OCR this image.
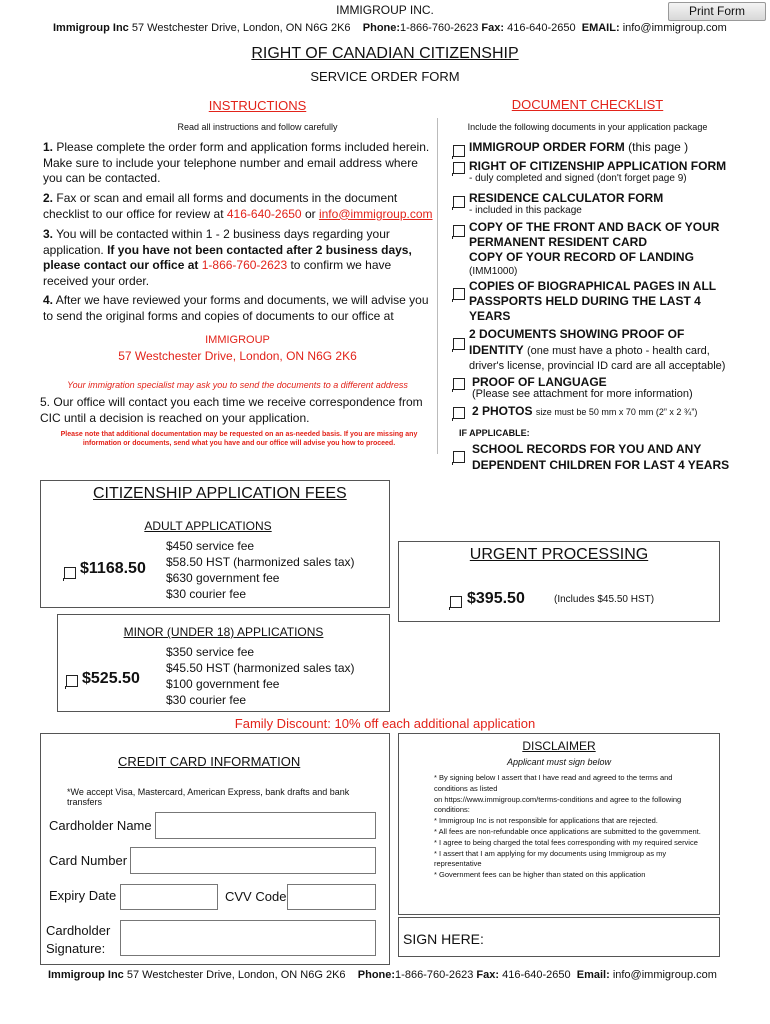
IMMIGROUP INC.	Print Form
Immigroup Inc 57 Westchester Drive, London, ON N6G 2K6 Phone:1-866-760-2623 Fax: 416-640-2650 EMAIL: info@immigroup.com
RIGHT OF CANADIAN CITIZENSHIP
SERVICE ORDER FORM
INSTRUCTIONS
Read all instructions and follow carefully

1. Please complete the order form and application forms included herein. Make sure to include your telephone number and email address where you can be contacted.

2. Fax or scan and email all forms and documents in the document checklist to our office for review at 416-640-2650 or info@immigroup.com

3. You will be contacted within 1 - 2 business days regarding your application. If you have not been contacted after 2 business days, please contact our office at 1-866-760-2623 to confirm we have received your order.

4. After we have reviewed your forms and documents, we will advise you to send the original forms and copies of documents to our office at

IMMIGROUP
57 Westchester Drive, London, ON N6G 2K6
Your immigration specialist may ask you to send the documents to a different address

5. Our office will contact you each time we receive correspondence from CIC until a decision is reached on your application.

Please note that additional documentation may be requested on an as-needed basis. If you are missing any information or documents, send what you have and our office will advise you how to proceed.

DOCUMENT CHECKLIST
Include the following documents in your application package
IMMIGROUP ORDER FORM (this page )
RIGHT OF CITIZENSHIP APPLICATION FORM
- duly completed and signed (don't forget page 9)
RESIDENCE CALCULATOR FORM
- included in this package

COPY OF THE FRONT AND BACK OF YOUR PERMANENT RESIDENT CARD

COPY OF YOUR RECORD OF LANDING
(IMM1000)

COPIES OF BIOGRAPHICAL PAGES IN ALL PASSPORTS HELD DURING THE LAST 4 YEARS

2 DOCUMENTS SHOWING PROOF OF IDENTITY (one must have a photo - health card, driver's license, provincial ID card are all acceptable)

PROOF OF LANGUAGE
(Please see attachment for more information)
2 PHOTOS size must be 50 mm x 70 mm (2” x 2 ¾”)
IF APPLICABLE:

SCHOOL RECORDS FOR YOU AND ANY DEPENDENT CHILDREN FOR LAST 4 YEARS

CITIZENSHIP APPLICATION FEES
ADULT APPLICATIONS
$1168.50
$450 service fee
$58.50 HST (harmonized sales tax)
$630 government fee
$30 courier fee
MINOR (UNDER 18) APPLICATIONS
$525.50
$350 service fee
$45.50 HST (harmonized sales tax)
$100 government fee
$30 courier fee
URGENT PROCESSING
$395.50	(Includes $45.50 HST)
Family Discount: 10% off each additional application
CREDIT CARD INFORMATION
*We accept Visa, Mastercard, American Express, bank drafts and bank transfers
Cardholder Name
Card Number
Expiry Date	CVV Code
Cardholder
Signature:
DISCLAIMER
Applicant must sign below
* By signing below I assert that I have read and agreed to the terms and conditions as listed
on https://www.immigroup.com/terms-conditions and agree to the following conditions:
* Immigroup Inc is not responsible for applications that are rejected.
* All fees are non-refundable once applications are submitted to the government.
* I agree to being charged the total fees corresponding with my required service
* I assert that I am applying for my documents using Immigroup as my representative
* Government fees can be higher than stated on this application
SIGN HERE:
Immigroup Inc 57 Westchester Drive, London, ON N6G 2K6 Phone:1-866-760-2623 Fax: 416-640-2650 Email: info@immigroup.com
